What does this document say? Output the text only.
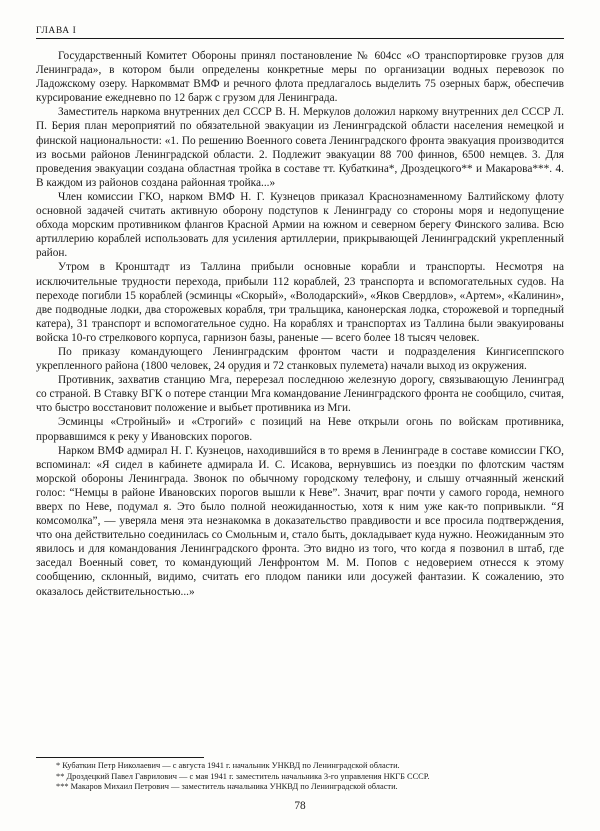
ГЛАВА I

Государственный Комитет Обороны принял постановление № 604сс «О транспортировке грузов для Ленинграда», в котором были определены конкретные меры по организации водных перевозок по Ладожскому озеру. Наркомвмат ВМФ и речного флота предлагалось выделить 75 озерных барж, обеспечив курсирование ежедневно по 12 барж с грузом для Ленинграда.

Заместитель наркома внутренних дел СССР В. Н. Меркулов доложил наркому внутренних дел СССР Л. П. Берия план мероприятий по обязательной эвакуации из Ленинградской области населения немецкой и финской национальности: «1. По решению Военного совета Ленинградского фронта эвакуация производится из восьми районов Ленинградской области. 2. Подлежит эвакуации 88 700 финнов, 6500 немцев. 3. Для проведения эвакуации создана областная тройка в составе тт. Кубаткина*, Дроздецкого** и Макарова***. 4. В каждом из районов создана районная тройка...»

Член комиссии ГКО, нарком ВМФ Н. Г. Кузнецов приказал Краснознаменному Балтийскому флоту основной задачей считать активную оборону подступов к Ленинграду со стороны моря и недопущение обхода морским противником флангов Красной Армии на южном и северном берегу Финского залива. Всю артиллерию кораблей использовать для усиления артиллерии, прикрывающей Ленинградский укрепленный район.

Утром в Кронштадт из Таллина прибыли основные корабли и транспорты. Несмотря на исключительные трудности перехода, прибыли 112 кораблей, 23 транспорта и вспомогательных судов. На переходе погибли 15 кораблей (эсминцы «Скорый», «Володарский», «Яков Свердлов», «Артем», «Калинин», две подводные лодки, два сторожевых корабля, три тральщика, канонерская лодка, сторожевой и торпедный катера), 31 транспорт и вспомогательное судно. На кораблях и транспортах из Таллина были эвакуированы войска 10-го стрелкового корпуса, гарнизон базы, раненые — всего более 18 тысяч человек.

По приказу командующего Ленинградским фронтом части и подразделения Кингисеппского укрепленного района (1800 человек, 24 орудия и 72 станковых пулемета) начали выход из окружения.

Противник, захватив станцию Мга, перерезал последнюю железную дорогу, связывающую Ленинград со страной. В Ставку ВГК о потере станции Мга командование Ленинградского фронта не сообщило, считая, что быстро восстановит положение и выбьет противника из Мги.

Эсминцы «Стройный» и «Строгий» с позиций на Неве открыли огонь по войскам противника, прорвавшимся к реку у Ивановских порогов.

Нарком ВМФ адмирал Н. Г. Кузнецов, находившийся в то время в Ленинграде в составе комиссии ГКО, вспоминал: «Я сидел в кабинете адмирала И. С. Исакова, вернувшись из поездки по флотским частям морской обороны Ленинграда. Звонок по обычному городскому телефону, и слышу отчаянный женский голос: “Немцы в районе Ивановских порогов вышли к Неве”. Значит, враг почти у самого города, немного вверх по Неве, подумал я. Это было полной неожиданностью, хотя к ним уже как-то попривыкли. “Я комсомолка”, — уверяла меня эта незнакомка в доказательство правдивости и все просила подтверждения, что она действительно соединилась со Смольным и, стало быть, докладывает куда нужно. Неожиданным это явилось и для командования Ленинградского фронта. Это видно из того, что когда я позвонил в штаб, где заседал Военный совет, то командующий Ленфронтом М. М. Попов с недоверием отнесся к этому сообщению, склонный, видимо, считать его плодом паники или досужей фантазии. К сожалению, это оказалось действительностью...»

* Кубаткин Петр Николаевич — с августа 1941 г. начальник УНКВД по Ленинградской области.

** Дроздецкий Павел Гаврилович — с мая 1941 г. заместитель начальника 3-го управления НКГБ СССР.

*** Макаров Михаил Петрович — заместитель начальника УНКВД по Ленинградской области.

78
